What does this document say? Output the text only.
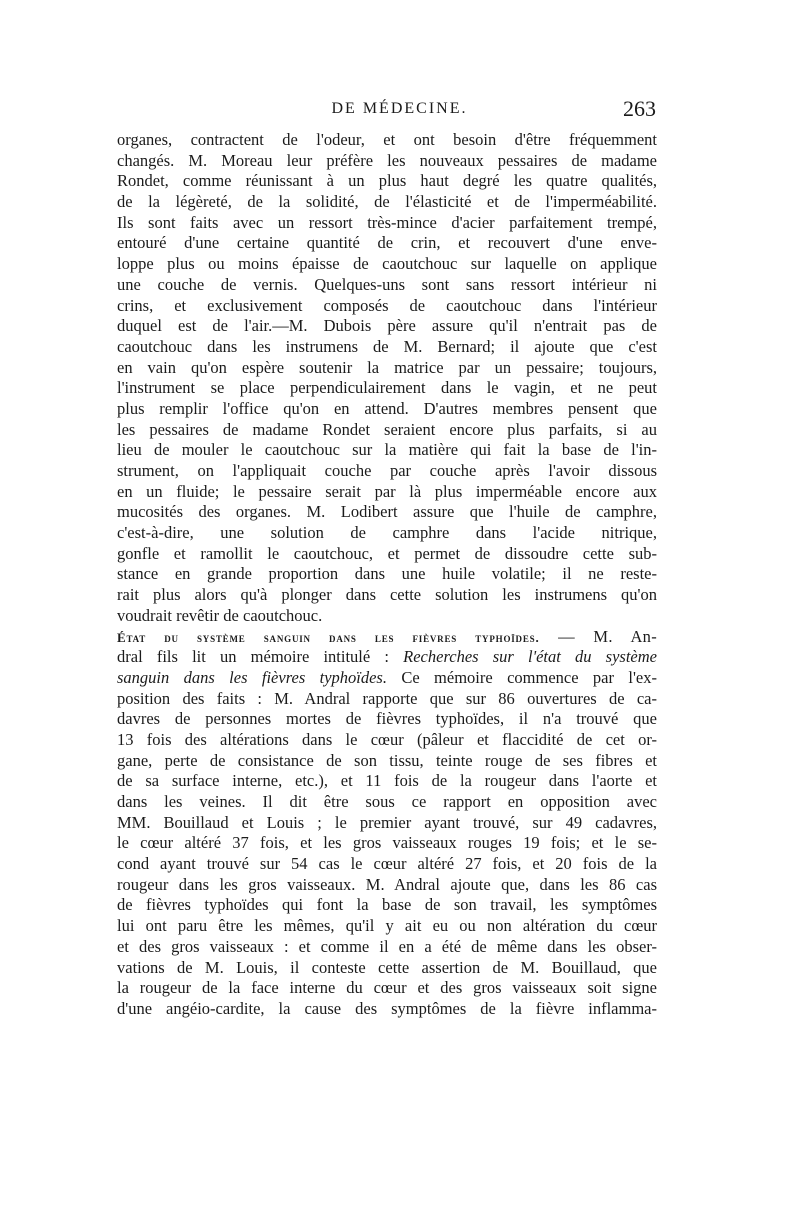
DE MÉDECINE.	263
organes, contractent de l'odeur, et ont besoin d'être fréquemment
changés. M. Moreau leur préfère les nouveaux pessaires de madame
Rondet, comme réunissant à un plus haut degré les quatre qualités,
de la légèreté, de la solidité, de l'élasticité et de l'imperméabilité.
Ils sont faits avec un ressort très-mince d'acier parfaitement trempé,
entouré d'une certaine quantité de crin, et recouvert d'une enve-
loppe plus ou moins épaisse de caoutchouc sur laquelle on applique
une couche de vernis. Quelques-uns sont sans ressort intérieur ni
crins, et exclusivement composés de caoutchouc dans l'intérieur
duquel est de l'air.—M. Dubois père assure qu'il n'entrait pas de
caoutchouc dans les instrumens de M. Bernard; il ajoute que c'est
en vain qu'on espère soutenir la matrice par un pessaire; toujours,
l'instrument se place perpendiculairement dans le vagin, et ne peut
plus remplir l'office qu'on en attend. D'autres membres pensent que
les pessaires de madame Rondet seraient encore plus parfaits, si au
lieu de mouler le caoutchouc sur la matière qui fait la base de l'in-
strument, on l'appliquait couche par couche après l'avoir dissous
en un fluide; le pessaire serait par là plus imperméable encore aux
mucosités des organes. M. Lodibert assure que l'huile de camphre,
c'est-à-dire, une solution de camphre dans l'acide nitrique,
gonfle et ramollit le caoutchouc, et permet de dissoudre cette sub-
stance en grande proportion dans une huile volatile; il ne reste-
rait plus alors qu'à plonger dans cette solution les instrumens qu'on
voudrait revêtir de caoutchouc.
État du système sanguin dans les fièvres typhoïdes. — M. An-
dral fils lit un mémoire intitulé : Recherches sur l'état du système
sanguin dans les fièvres typhoïdes. Ce mémoire commence par l'ex-
position des faits : M. Andral rapporte que sur 86 ouvertures de ca-
davres de personnes mortes de fièvres typhoïdes, il n'a trouvé que
13 fois des altérations dans le cœur (pâleur et flaccidité de cet or-
gane, perte de consistance de son tissu, teinte rouge de ses fibres et
de sa surface interne, etc.), et 11 fois de la rougeur dans l'aorte et
dans les veines. Il dit être sous ce rapport en opposition avec
MM. Bouillaud et Louis ; le premier ayant trouvé, sur 49 cadavres,
le cœur altéré 37 fois, et les gros vaisseaux rouges 19 fois; et le se-
cond ayant trouvé sur 54 cas le cœur altéré 27 fois, et 20 fois de la
rougeur dans les gros vaisseaux. M. Andral ajoute que, dans les 86 cas
de fièvres typhoïdes qui font la base de son travail, les symptômes
lui ont paru être les mêmes, qu'il y ait eu ou non altération du cœur
et des gros vaisseaux : et comme il en a été de même dans les obser-
vations de M. Louis, il conteste cette assertion de M. Bouillaud, que
la rougeur de la face interne du cœur et des gros vaisseaux soit signe
d'une angéio-cardite, la cause des symptômes de la fièvre inflamma-
